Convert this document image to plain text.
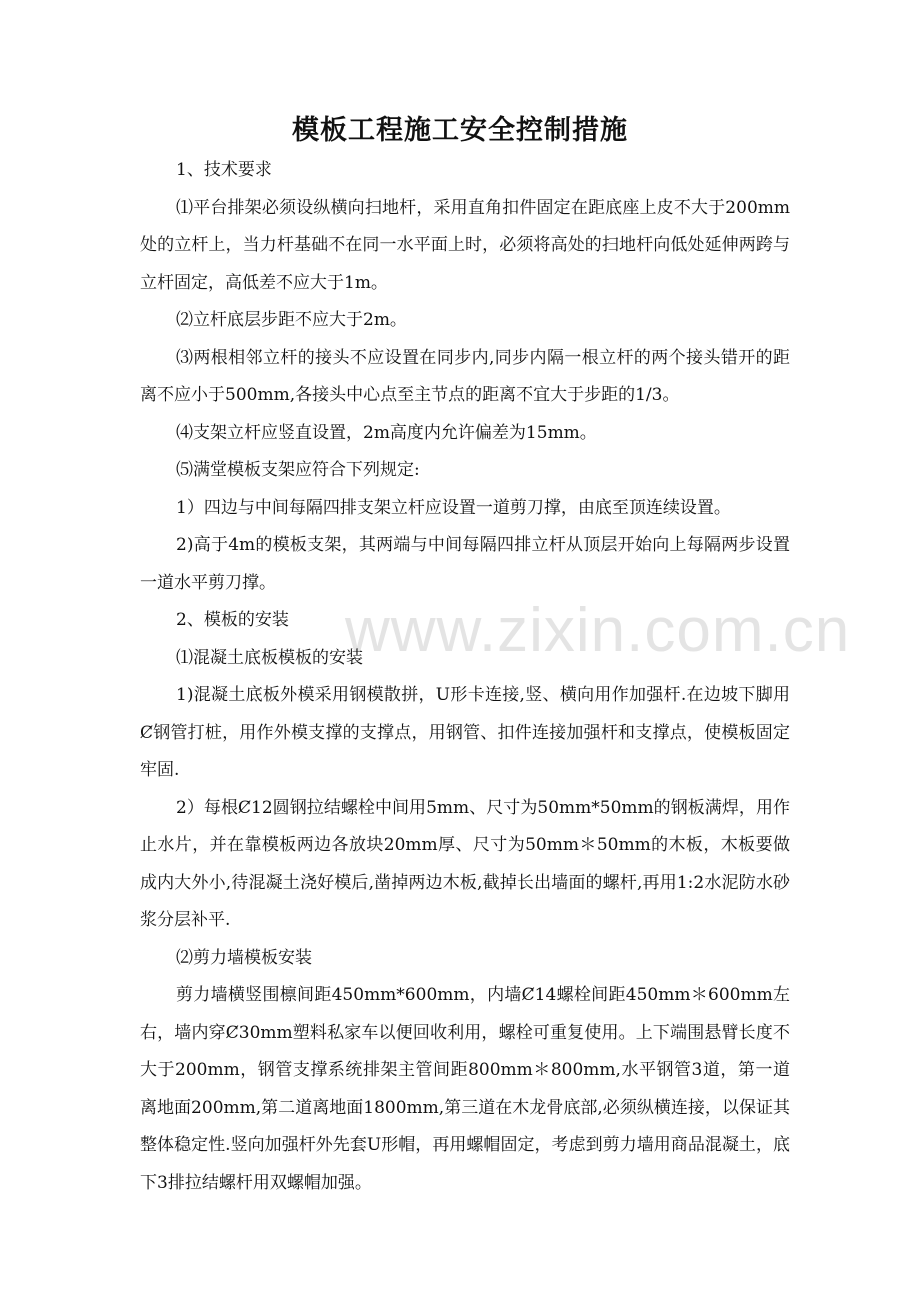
模板工程施工安全控制措施
www.zixin.com.cn

1、技术要求

⑴平台排架必须设纵横向扫地杆，采用直角扣件固定在距底座上皮不大于200mm处的立杆上，当力杆基础不在同一水平面上时，必须将高处的扫地杆向低处延伸两跨与立杆固定，高低差不应大于1m。

⑵立杆底层步距不应大于2m。

⑶两根相邻立杆的接头不应设置在同步内,同步内隔一根立杆的两个接头错开的距离不应小于500mm,各接头中心点至主节点的距离不宜大于步距的1/3。

⑷支架立杆应竖直设置，2m高度内允许偏差为15mm。

⑸满堂模板支架应符合下列规定:

1）四边与中间每隔四排支架立杆应设置一道剪刀撑，由底至顶连续设置。

2)高于4m的模板支架，其两端与中间每隔四排立杆从顶层开始向上每隔两步设置一道水平剪刀撑。

2、模板的安装

⑴混凝土底板模板的安装

1)混凝土底板外模采用钢模散拼，U形卡连接,竖、横向用作加强杆.在边坡下脚用Ȼ钢管打桩，用作外模支撑的支撑点，用钢管、扣件连接加强杆和支撑点，使模板固定牢固.

2）每根Ȼ12圆钢拉结螺栓中间用5mm、尺寸为50mm*50mm的钢板满焊，用作止水片，并在靠模板两边各放块20mm厚、尺寸为50mm＊50mm的木板，木板要做成内大外小,待混凝土浇好模后,凿掉两边木板,截掉长出墙面的螺杆,再用1:2水泥防水砂浆分层补平.

⑵剪力墙模板安装

剪力墙横竖围檩间距450mm*600mm，内墙Ȼ14螺栓间距450mm＊600mm左右，墙内穿Ȼ30mm塑料私家车以便回收利用，螺栓可重复使用。上下端围悬臂长度不大于200mm，钢管支撑系统排架主管间距800mm＊800mm,水平钢管3道，第一道离地面200mm,第二道离地面1800mm,第三道在木龙骨底部,必须纵横连接，以保证其整体稳定性.竖向加强杆外先套U形帽，再用螺帽固定，考虑到剪力墙用商品混凝土，底下3排拉结螺杆用双螺帽加强。
